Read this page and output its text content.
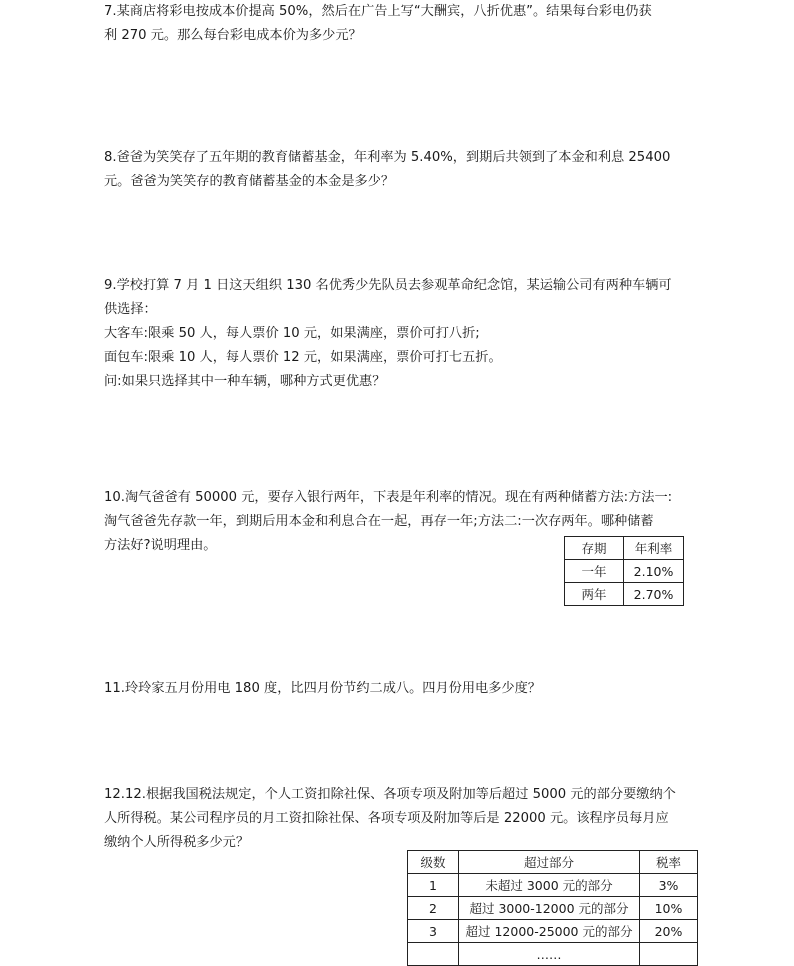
7.某商店将彩电按成本价提高 50%，然后在广告上写“大酬宾，八折优惠”。结果每台彩电仍获

利 270 元。那么每台彩电成本价为多少元？

8.爸爸为笑笑存了五年期的教育储蓄基金，年利率为 5.40%，到期后共领到了本金和利息 25400

元。爸爸为笑笑存的教育储蓄基金的本金是多少？

9.学校打算 7 月 1 日这天组织 130 名优秀少先队员去参观革命纪念馆，某运输公司有两种车辆可

供选择：

大客车:限乘 50 人，每人票价 10 元，如果满座，票价可打八折;

面包车:限乘 10 人，每人票价 12 元，如果满座，票价可打七五折。

问:如果只选择其中一种车辆，哪种方式更优惠？

10.淘气爸爸有 50000 元，要存入银行两年，下表是年利率的情况。现在有两种储蓄方法:方法一:

淘气爸爸先存款一年，到期后用本金和利息合在一起，再存一年;方法二:一次存两年。哪种储蓄

方法好?说明理由。	存期	年利率
一年	2.10%
两年	2.70%

11.玲玲家五月份用电 180 度，比四月份节约二成八。四月份用电多少度？

12.12.根据我国税法规定，个人工资扣除社保、各项专项及附加等后超过 5000 元的部分要缴纳个

人所得税。某公司程序员的月工资扣除社保、各项专项及附加等后是 22000 元。该程序员每月应

缴纳个人所得税多少元？

级数	超过部分	税率
1	未超过 3000 元的部分	3%
2	超过 3000-12000 元的部分	10%
3	超过 12000-25000 元的部分	20%
	……	
